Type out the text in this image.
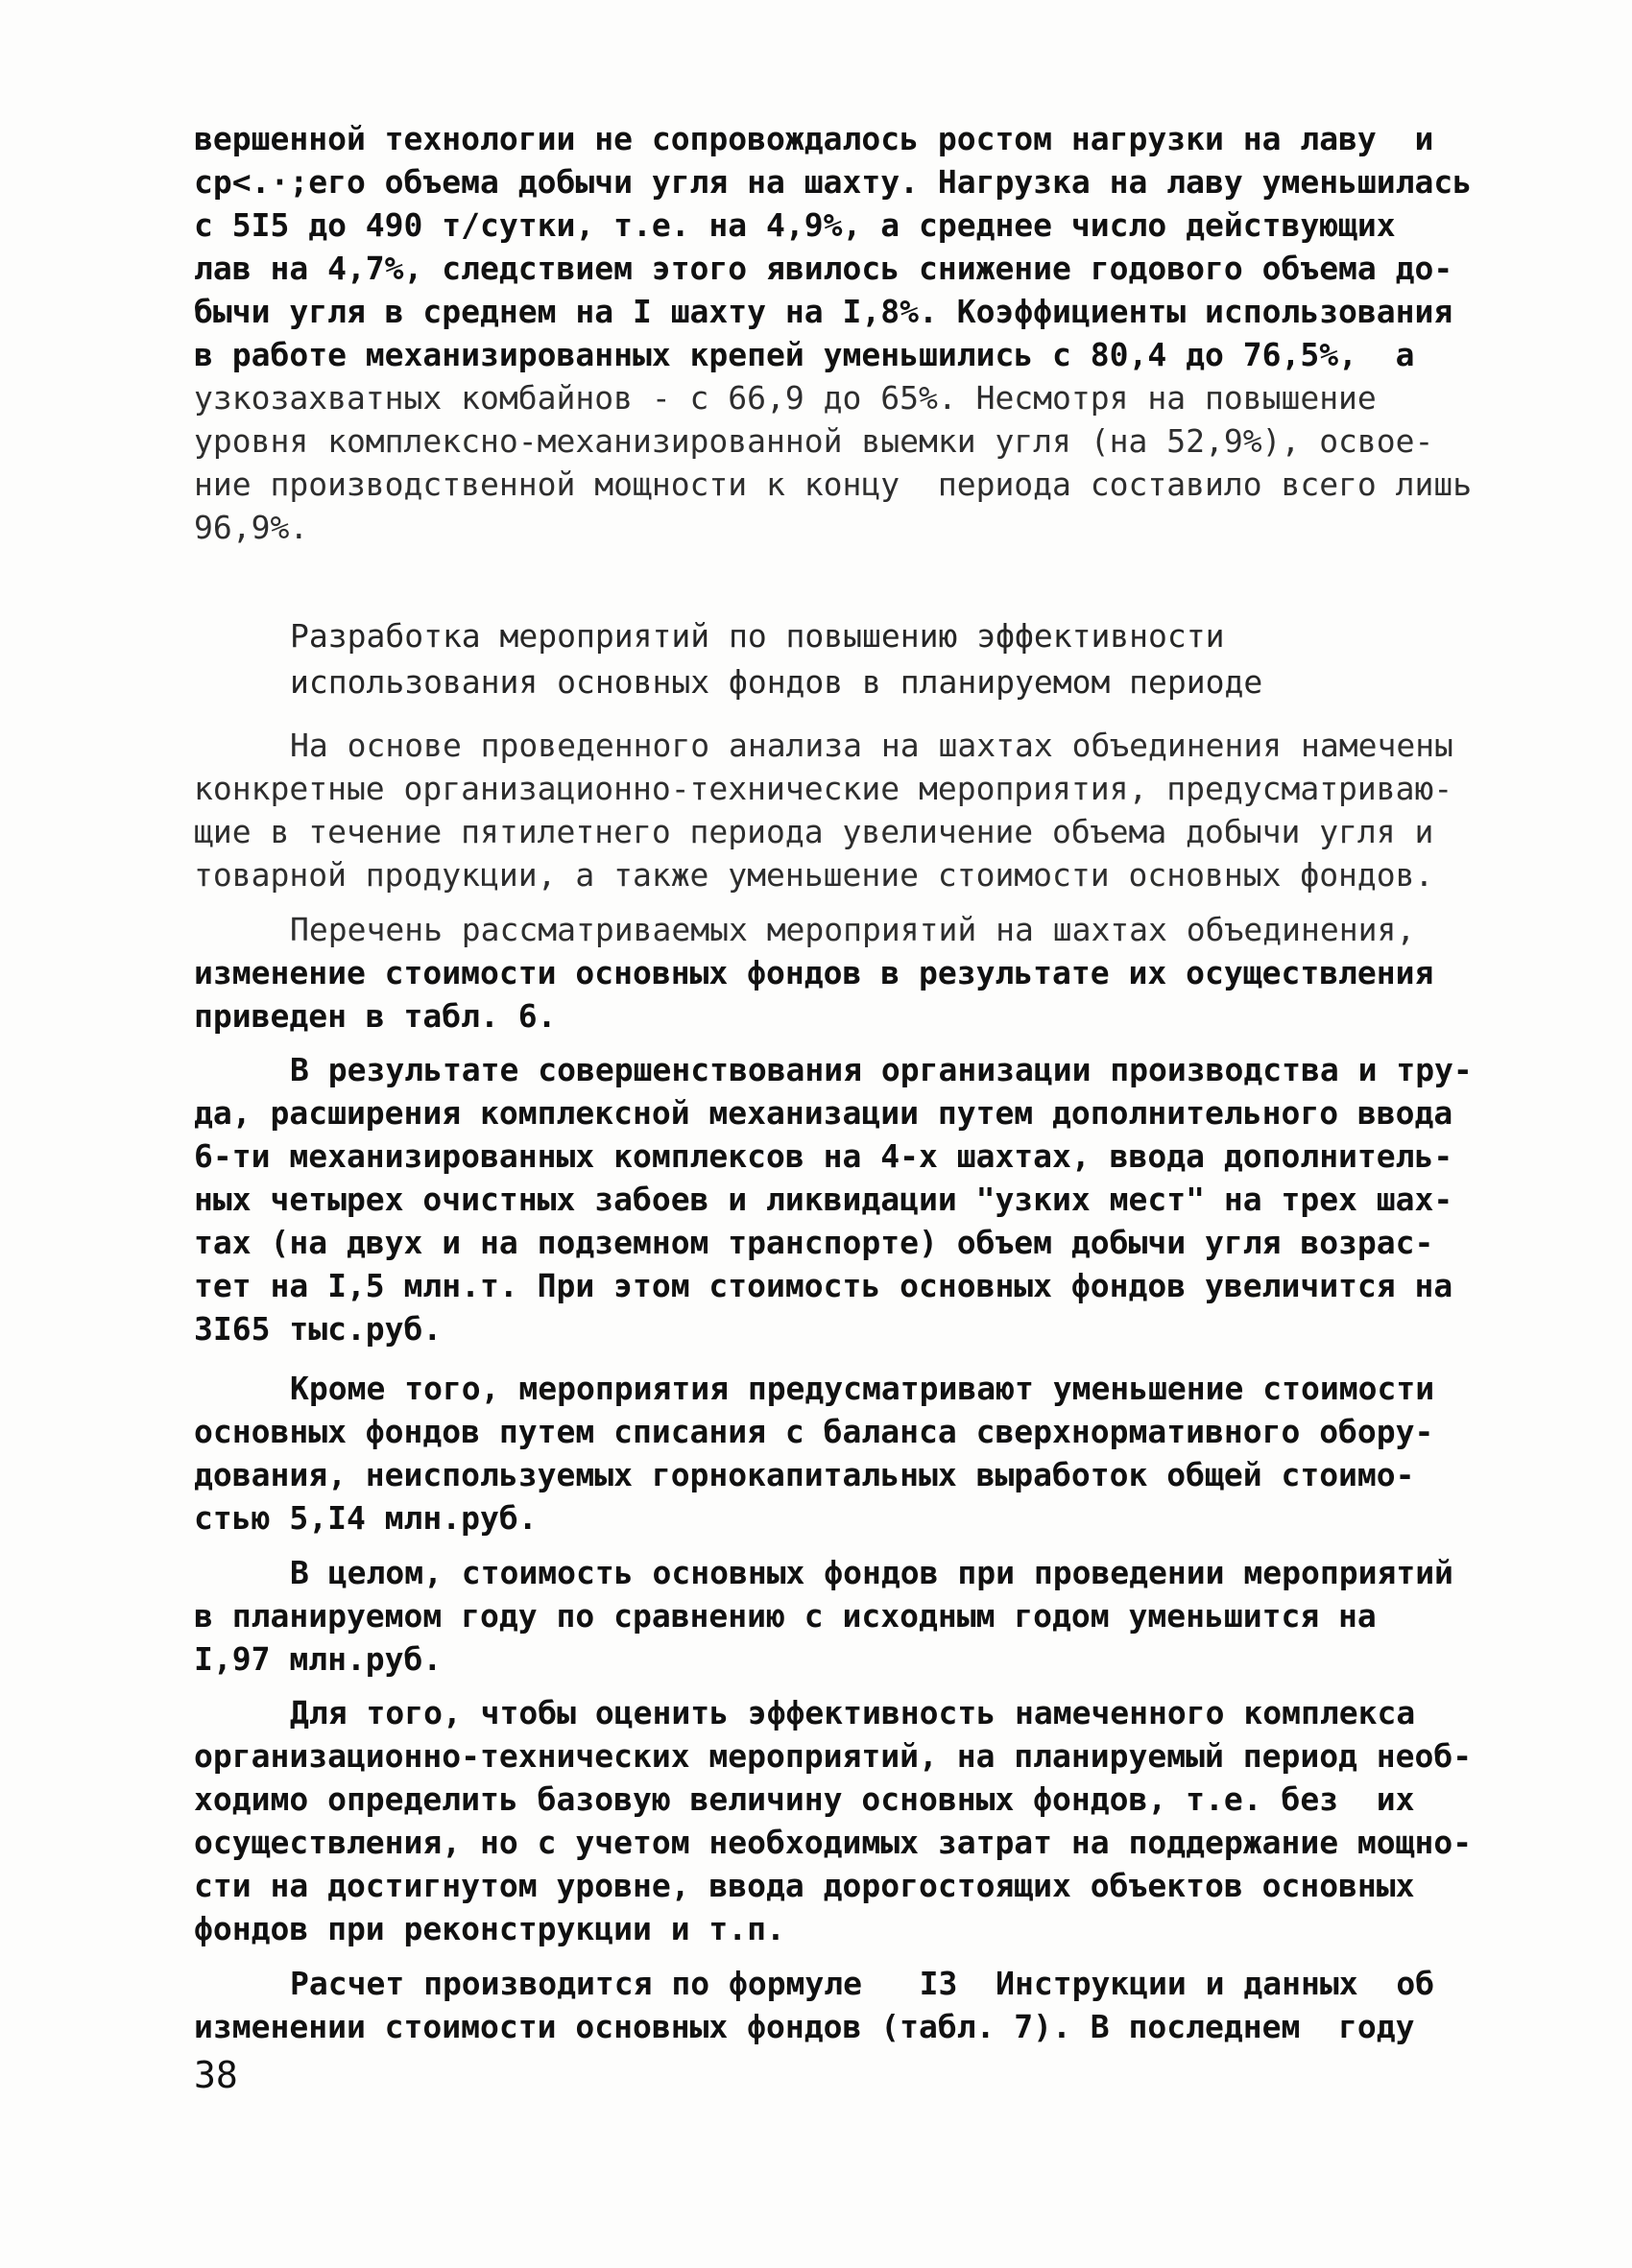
вершенной технологии не сопровождалось ростом нагрузки на лаву  и
ср<.·;его объема добычи угля на шахту. Нагрузка на лаву уменьшилась
с 5I5 до 490 т/сутки, т.е. на 4,9%, а среднее число действующих
лав на 4,7%, следствием этого явилось снижение годового объема до-
бычи угля в среднем на I шахту на I,8%. Коэффициенты использования
в работе механизированных крепей уменьшились с 80,4 до 76,5%,  а
узкозахватных комбайнов - с 66,9 до 65%. Несмотря на повышение
уровня комплексно-механизированной выемки угля (на 52,9%), освое-
ние производственной мощности к концу  периода составило всего лишь
96,9%.
Разработка мероприятий по повышению эффективности
использования основных фондов в планируемом периоде
На основе проведенного анализа на шахтах объединения намечены
конкретные организационно-технические мероприятия, предусматриваю-
щие в течение пятилетнего периода увеличение объема добычи угля и
товарной продукции, а также уменьшение стоимости основных фондов.
Перечень рассматриваемых мероприятий на шахтах объединения,
изменение стоимости основных фондов в результате их осуществления
приведен в табл. 6.
В результате совершенствования организации производства и тру-
да, расширения комплексной механизации путем дополнительного ввода
6-ти механизированных комплексов на 4-х шахтах, ввода дополнитель-
ных четырех очистных забоев и ликвидации "узких мест" на трех шах-
тах (на двух и на подземном транспорте) объем добычи угля возрас-
тет на I,5 млн.т. При этом стоимость основных фондов увеличится на
3I65 тыс.руб.
Кроме того, мероприятия предусматривают уменьшение стоимости
основных фондов путем списания с баланса сверхнормативного обору-
дования, неиспользуемых горнокапитальных выработок общей стоимо-
стью 5,I4 млн.руб.
В целом, стоимость основных фондов при проведении мероприятий
в планируемом году по сравнению с исходным годом уменьшится на
I,97 млн.руб.
Для того, чтобы оценить эффективность намеченного комплекса
организационно-технических мероприятий, на планируемый период необ-
ходимо определить базовую величину основных фондов, т.е. без  их
осуществления, но с учетом необходимых затрат на поддержание мощно-
сти на достигнутом уровне, ввода дорогостоящих объектов основных
фондов при реконструкции и т.п.
Расчет производится по формуле   I3  Инструкции и данных  об
изменении стоимости основных фондов (табл. 7). В последнем  году
38
